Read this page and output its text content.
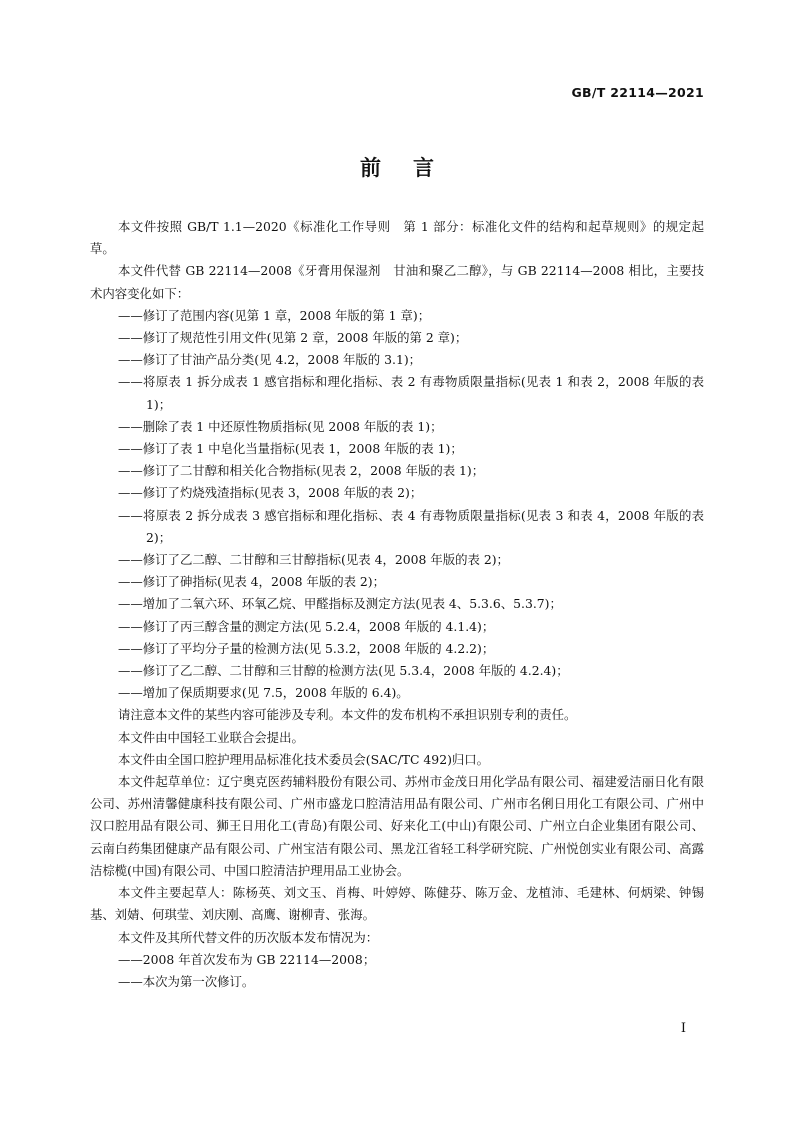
GB/T 22114—2021
前言

本文件按照 GB/T 1.1—2020《标准化工作导则　第 1 部分：标准化文件的结构和起草规则》的规定起草。

本文件代替 GB 22114—2008《牙膏用保湿剂　甘油和聚乙二醇》，与 GB 22114—2008 相比，主要技术内容变化如下：

——修订了范围内容(见第 1 章，2008 年版的第 1 章)；

——修订了规范性引用文件(见第 2 章，2008 年版的第 2 章)；

——修订了甘油产品分类(见 4.2，2008 年版的 3.1)；

——将原表 1 拆分成表 1 感官指标和理化指标、表 2 有毒物质限量指标(见表 1 和表 2，2008 年版的表 1)；

——删除了表 1 中还原性物质指标(见 2008 年版的表 1)；

——修订了表 1 中皂化当量指标(见表 1，2008 年版的表 1)；

——修订了二甘醇和相关化合物指标(见表 2，2008 年版的表 1)；

——修订了灼烧残渣指标(见表 3，2008 年版的表 2)；

——将原表 2 拆分成表 3 感官指标和理化指标、表 4 有毒物质限量指标(见表 3 和表 4，2008 年版的表 2)；

——修订了乙二醇、二甘醇和三甘醇指标(见表 4，2008 年版的表 2)；

——修订了砷指标(见表 4，2008 年版的表 2)；

——增加了二氧六环、环氧乙烷、甲醛指标及测定方法(见表 4、5.3.6、5.3.7)；

——修订了丙三醇含量的测定方法(见 5.2.4，2008 年版的 4.1.4)；

——修订了平均分子量的检测方法(见 5.3.2，2008 年版的 4.2.2)；

——修订了乙二醇、二甘醇和三甘醇的检测方法(见 5.3.4，2008 年版的 4.2.4)；

——增加了保质期要求(见 7.5，2008 年版的 6.4)。

请注意本文件的某些内容可能涉及专利。本文件的发布机构不承担识别专利的责任。

本文件由中国轻工业联合会提出。

本文件由全国口腔护理用品标准化技术委员会(SAC/TC 492)归口。

本文件起草单位：辽宁奥克医药辅料股份有限公司、苏州市金茂日用化学品有限公司、福建爱洁丽日化有限公司、苏州清馨健康科技有限公司、广州市盛龙口腔清洁用品有限公司、广州市名俐日用化工有限公司、广州中汉口腔用品有限公司、狮王日用化工(青岛)有限公司、好来化工(中山)有限公司、广州立白企业集团有限公司、云南白药集团健康产品有限公司、广州宝洁有限公司、黑龙江省轻工科学研究院、广州悦创实业有限公司、高露洁棕榄(中国)有限公司、中国口腔清洁护理用品工业协会。

本文件主要起草人：陈杨英、刘文玉、肖梅、叶婷婷、陈健芬、陈万金、龙植沛、毛建林、何炳梁、钟锡基、刘婧、何琪莹、刘庆刚、高鹰、谢柳青、张海。

本文件及其所代替文件的历次版本发布情况为：

——2008 年首次发布为 GB 22114—2008；

——本次为第一次修订。

I
